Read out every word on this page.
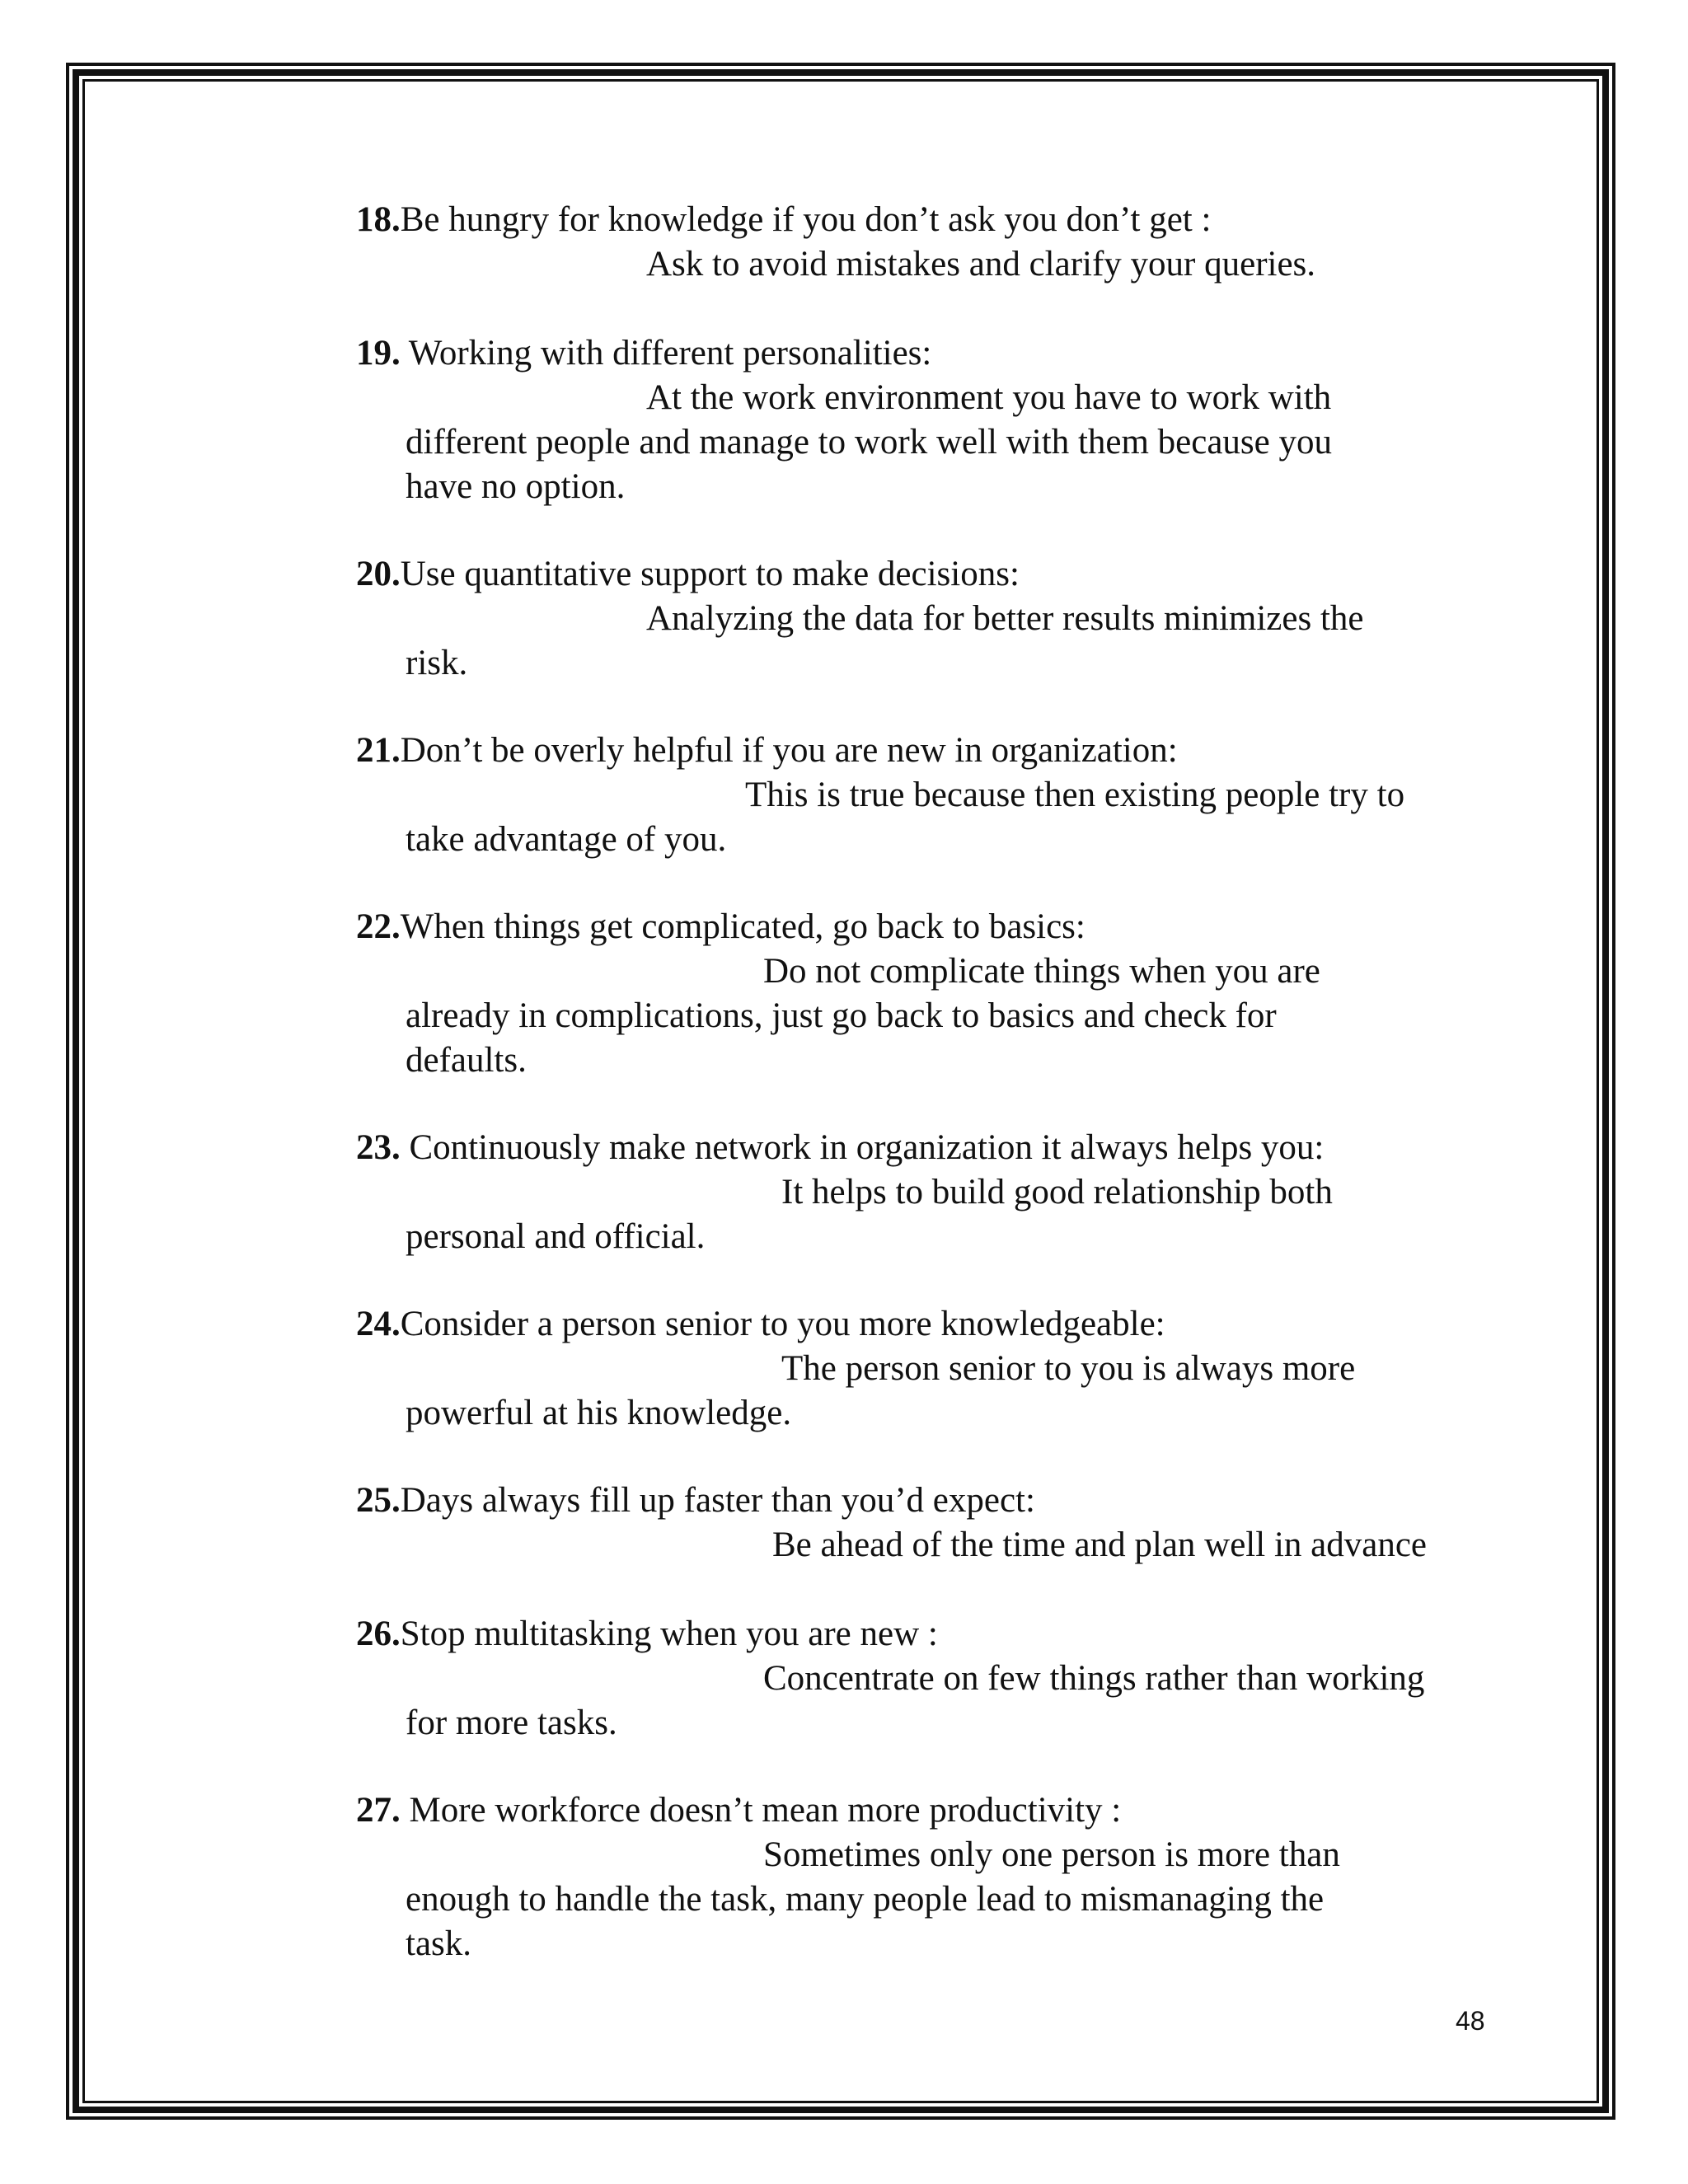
18.Be hungry for knowledge if you don’t ask you don’t get :
Ask to avoid mistakes and clarify your queries.
19. Working with different personalities:
At the work environment you have to work with
different people and manage to work well with them because you
have no option.
20.Use quantitative support to make decisions:
Analyzing the data for better results minimizes the
risk.
21.Don’t be overly helpful if you are new in organization:
This is true because then existing people try to
take advantage of you.
22.When things get complicated, go back to basics:
Do not complicate things when you are
already in complications, just go back to basics and check for
defaults.
23. Continuously make network in organization it always helps you:
It helps to build good relationship both
personal and official.
24.Consider a person senior to you more knowledgeable:
The person senior to you is always more
powerful at his knowledge.
25.Days always fill up faster than you’d expect:
Be ahead of the time and plan well in advance
26.Stop multitasking when you are new :
Concentrate on few things rather than working
for more tasks.
27. More workforce doesn’t mean more productivity :
Sometimes only one person is more than
enough to handle the task, many people lead to mismanaging the
task.
48
